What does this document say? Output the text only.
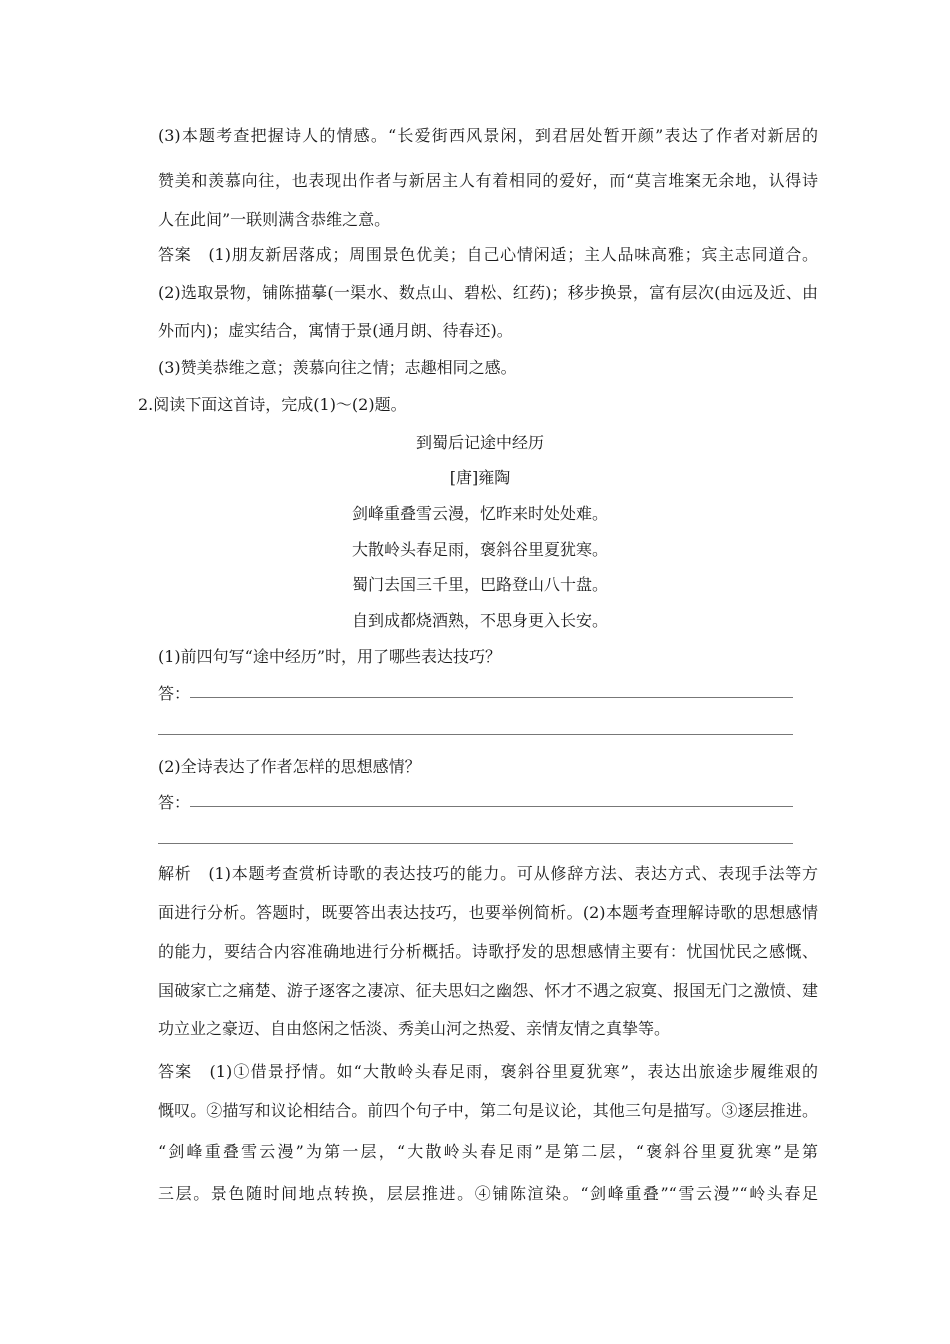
(3)本题考查把握诗人的情感。“长爱街西风景闲，到君居处暂开颜”表达了作者对新居的
赞美和羡慕向往，也表现出作者与新居主人有着相同的爱好，而“莫言堆案无余地，认得诗
人在此间”一联则满含恭维之意。
答案　(1)朋友新居落成；周围景色优美；自己心情闲适；主人品味高雅；宾主志同道合。
(2)选取景物，铺陈描摹(一渠水、数点山、碧松、红药)；移步换景，富有层次(由远及近、由
外而内)；虚实结合，寓情于景(通月朗、待春还)。
(3)赞美恭维之意；羡慕向往之情；志趣相同之感。
2.阅读下面这首诗，完成(1)～(2)题。
到蜀后记途中经历
[唐]雍陶
剑峰重叠雪云漫，忆昨来时处处难。
大散岭头春足雨，褒斜谷里夏犹寒。
蜀门去国三千里，巴路登山八十盘。
自到成都烧酒熟，不思身更入长安。
(1)前四句写“途中经历”时，用了哪些表达技巧？
答：
(2)全诗表达了作者怎样的思想感情？
答：
解析　(1)本题考查赏析诗歌的表达技巧的能力。可从修辞方法、表达方式、表现手法等方
面进行分析。答题时，既要答出表达技巧，也要举例简析。(2)本题考查理解诗歌的思想感情
的能力，要结合内容准确地进行分析概括。诗歌抒发的思想感情主要有：忧国忧民之感慨、
国破家亡之痛楚、游子逐客之凄凉、征夫思妇之幽怨、怀才不遇之寂寞、报国无门之激愤、建
功立业之豪迈、自由悠闲之恬淡、秀美山河之热爱、亲情友情之真挚等。
答案　(1)①借景抒情。如“大散岭头春足雨，褒斜谷里夏犹寒”，表达出旅途步履维艰的
慨叹。②描写和议论相结合。前四个句子中，第二句是议论，其他三句是描写。③逐层推进。
“剑峰重叠雪云漫”为第一层，“大散岭头春足雨”是第二层，“褒斜谷里夏犹寒”是第
三层。景色随时间地点转换，层层推进。④铺陈渲染。“剑峰重叠”“雪云漫”“岭头春足
